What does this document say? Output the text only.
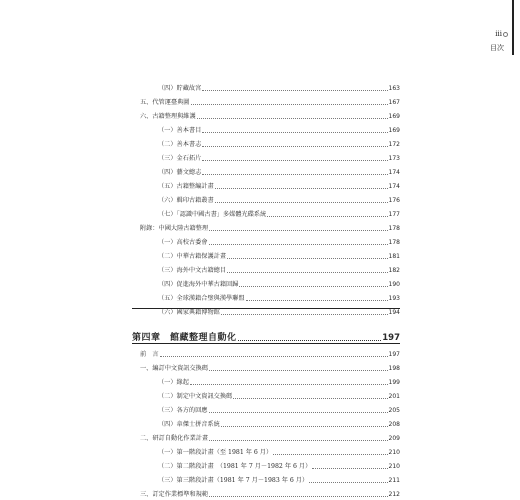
iii
目次
（四）貯藏故宮	163
五、代管運臺典圖	167
六、古籍整理與維護	169
（一）善本書目	169
（二）善本書志	172
（三）金石拓片	173
（四）藝文總志	174
（五）古籍整編計畫	174
（六）輯印古籍叢書	176
（七）「認識中國古書」多媒體光碟系統	177
附錄：中國大陸古籍整理	178
（一）高校古委會	178
（二）中華古籍保護計畫	181
（三）海外中文古籍總目	182
（四）促進海外中華古籍回歸	190
（五）全球漢籍合璧與漢學聯盟	193
（六）國家典籍博物館	194
第四章　館藏整理自動化	197
前　言	197
一、編訂中文資訊交換碼	198
（一）緣起	199
（二）制定中文資訊交換碼	201
（三）各方的回應	205
（四）韋傑士拼音系統	208
二、研訂自動化作業計畫	209
（一）第一階段計畫（至 1981 年 6 月）	210
（二）第二階段計畫　（1981 年 7 月－1982 年 6 月）	210
（三）第三階段計畫（1981 年 7 月－1983 年 6 月）	211
三、訂定作業標準和規範	212
